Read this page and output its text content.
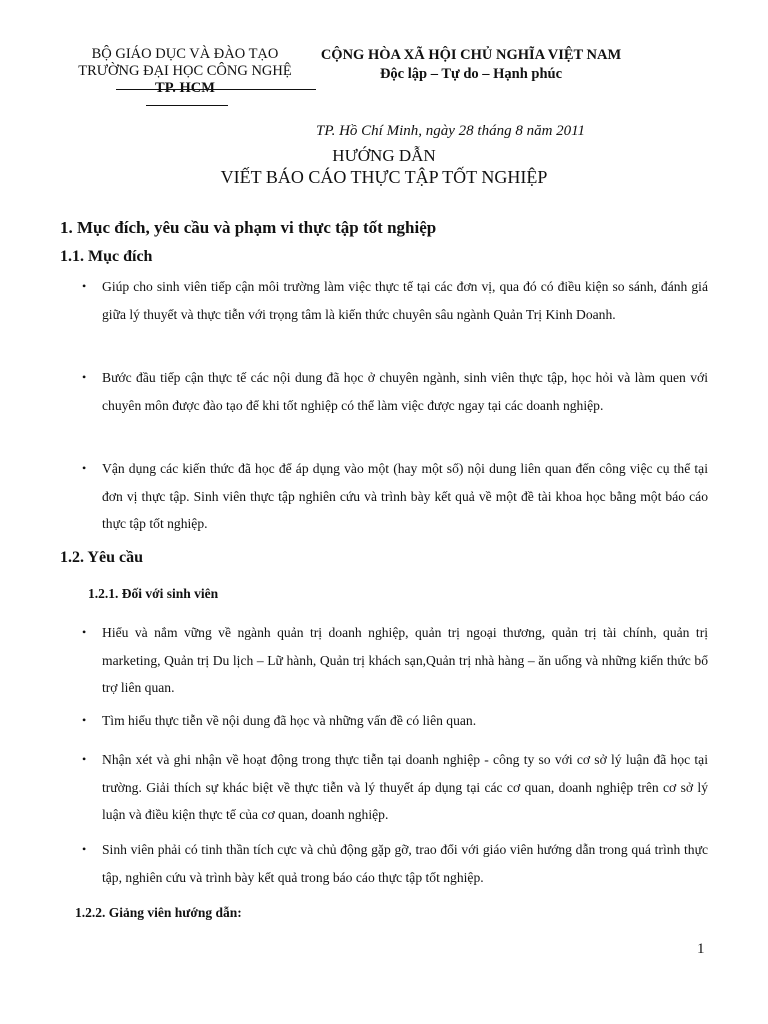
BỘ GIÁO DỤC VÀ ĐÀO TẠO
TRƯỜNG ĐẠI HỌC CÔNG NGHỆ
TP. HCM
CỘNG HÒA XÃ HỘI CHỦ NGHĨA VIỆT NAM
Độc lập – Tự do – Hạnh phúc
TP. Hồ Chí Minh, ngày 28 tháng 8 năm 2011
HƯỚNG DẪN
VIẾT BÁO CÁO THỰC TẬP TỐT NGHIỆP
1. Mục đích, yêu cầu và phạm vi thực tập tốt nghiệp
1.1. Mục đích
• Giúp cho sinh viên tiếp cận môi trường làm việc thực tế tại các đơn vị, qua đó có điều kiện so sánh, đánh giá giữa lý thuyết và thực tiễn với trọng tâm là kiến thức chuyên sâu ngành Quản Trị Kinh Doanh.
• Bước đầu tiếp cận thực tế các nội dung đã học ở chuyên ngành, sinh viên thực tập, học hỏi và làm quen với chuyên môn được đào tạo để khi tốt nghiệp có thể làm việc được ngay tại các doanh nghiệp.
• Vận dụng các kiến thức đã học để áp dụng vào một (hay một số) nội dung liên quan đến công việc cụ thể tại đơn vị thực tập. Sinh viên thực tập nghiên cứu và trình bày kết quả về một đề tài khoa học bằng một báo cáo thực tập tốt nghiệp.
1.2. Yêu cầu
1.2.1. Đối với sinh viên
• Hiểu và nắm vững về ngành quản trị doanh nghiệp, quản trị ngoại thương, quản trị tài chính, quản trị marketing, Quản trị Du lịch – Lữ hành, Quản trị khách sạn,Quản trị nhà hàng – ăn uống và những kiến thức bổ trợ liên quan.
• Tìm hiểu thực tiễn về nội dung đã học và những vấn đề có liên quan.
• Nhận xét và ghi nhận về hoạt động trong thực tiễn tại doanh nghiệp - công ty so với cơ sở lý luận đã học tại trường. Giải thích sự khác biệt về thực tiễn và lý thuyết áp dụng tại các cơ quan, doanh nghiệp trên cơ sở lý luận và điều kiện thực tế của cơ quan, doanh nghiệp.
• Sinh viên phải có tinh thần tích cực và chủ động gặp gỡ, trao đổi với giáo viên hướng dẫn trong quá trình thực tập, nghiên cứu và trình bày kết quả trong báo cáo thực tập tốt nghiệp.
1.2.2. Giảng viên hướng dẫn:
1
